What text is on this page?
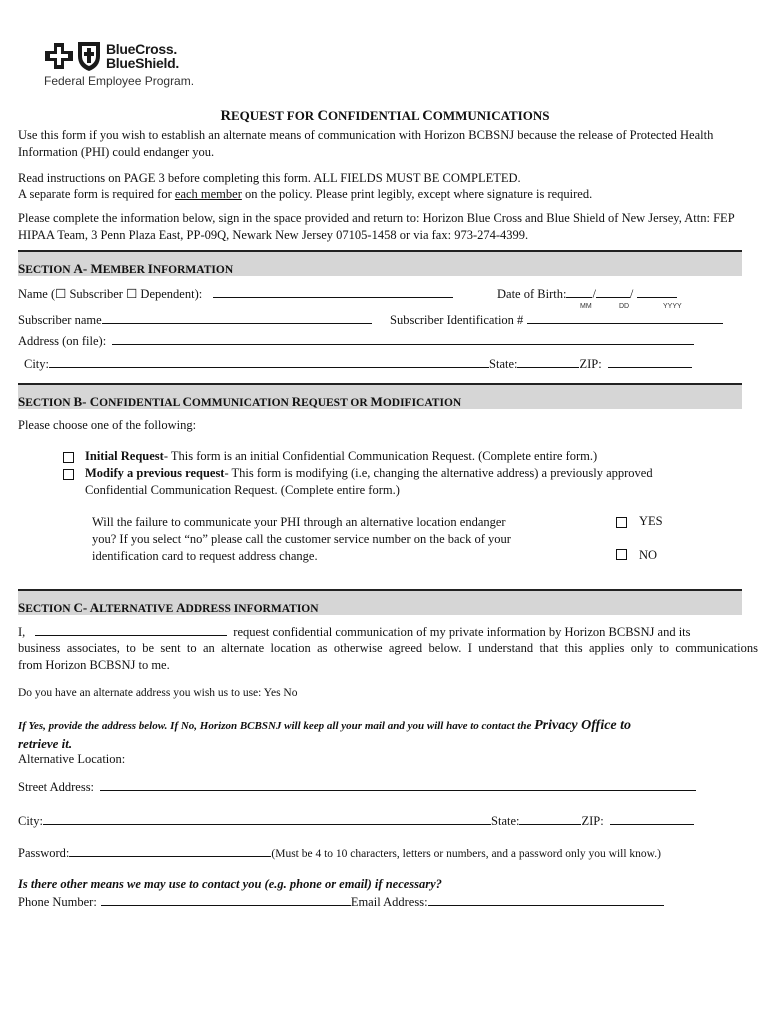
BlueCross.
BlueShield.
Federal Employee Program.
REQUEST FOR CONFIDENTIAL COMMUNICATIONS

Use this form if you wish to establish an alternate means of communication with Horizon BCBSNJ because the release of Protected Health Information (PHI) could endanger you.

Read instructions on PAGE 3 before completing this form. ALL FIELDS MUST BE COMPLETED.

A separate form is required for each member on the policy. Please print legibly, except where signature is required.

Please complete the information below, sign in the space provided and return to: Horizon Blue Cross and Blue Shield of New Jersey, Attn: FEP HIPAA Team, 3 Penn Plaza East, PP-09Q, Newark New Jersey 07105-1458 or via fax: 973-274-4399.

SECTION A- MEMBER INFORMATION
Name (☐ Subscriber ☐ Dependent):	Date of Birth: /	/
MM	DD	YYYY
Subscriber name	Subscriber Identification #
Address (on file):
City:	State:	ZIP:
SECTION B- CONFIDENTIAL COMMUNICATION REQUEST OR MODIFICATION
Please choose one of the following:
Initial Request- This form is an initial Confidential Communication Request. (Complete entire form.)
Modify a previous request- This form is modifying (i.e, changing the alternative address) a previously approved
Confidential Communication Request. (Complete entire form.)
Will the failure to communicate your PHI through an alternative location endanger
you? If you select “no” please call the customer service number on the back of your
identification card to request address change.
YES
NO
SECTION C- ALTERNATIVE ADDRESS INFORMATION
I,	request confidential communication of my private information by Horizon BCBSNJ and its

business associates, to be sent to an alternate location as otherwise agreed below. I understand that this applies only to communications

from Horizon BCBSNJ to me.

Do you have an alternate address you wish us to use: Yes No
If Yes, provide the address below. If No, Horizon BCBSNJ will keep all your mail and you will have to contact the Privacy Office to
retrieve it.
Alternative Location:
Street Address:
City:	State:	ZIP:
Password:	(Must be 4 to 10 characters, letters or numbers, and a password only you will know.)
Is there other means we may use to contact you (e.g. phone or email) if necessary?
Phone Number:	Email Address:
